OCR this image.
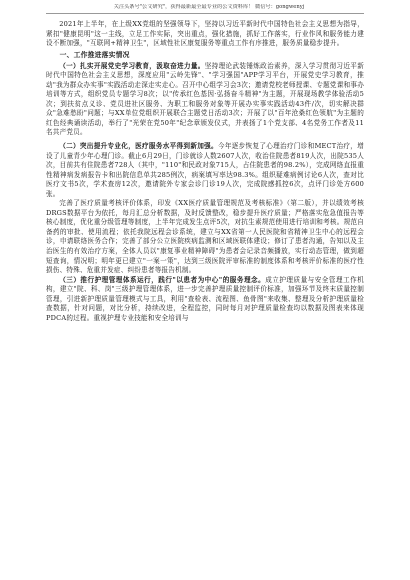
关注头条号"公文研究"，获得最新最全最专业的公文资料库！ 微信号：gongwenyj

2021年上半年，在上级XX党组的坚强领导下，坚持以习近平新时代中国特色社会主义思想为指导，紧扣"健康昆明"这一主线，立足工作实际，突出重点，强化措施，抓好工作落实，行业作风和服务能力建设不断加强，"互联网+精神卫生"，区域性社区康复服务等重点工作有序推进，服务质量稳步提升。

一、工作推进落实情况

（一）扎实开展党史学习教育，汲取奋进力量。坚持理论武装锤炼政治素养，深入学习贯彻习近平新时代中国特色社会主义思想，深度应用"云岭先锋"、"学习强国"APP学习平台，开展党史学习教育，推动"我为群众办实事"实践活动走深走实走心。召开中心组学习会3次；邀请党校老师授课、专题党课和事办培训等方式，组织党员专题学习8次；以"传承红色基因·弘扬奋斗精神"为主题，开展现场教学体验活动5次；到扶贫点义诊、党员进社区服务、为职工和服务对象等开展办实事实践活动43件/次，切实解决群众"急难愁盼"问题；与XX单位党组织开展联合主题党日活动3次；开展了以"百年沧桑红色领航"为主题的红色经典诵读活动，举行了"光荣在党50年"纪念章颁发仪式，并表扬了1个党支部、4名党务工作者及11名共产党员。

（二）突出提升专业化，医疗服务水平得到新加强。今年逐步恢复了心理治疗门诊和MECT治疗，增设了儿童青少年心理门诊。截止6月29日，门诊就诊人数2607人次，收治住院患者819人次，出院535人次，目前共有住院患者728人（其中，"110"和民政对象715人，占住院患者的98.2%），完成网络直报重性精神病发病报告卡和出院信息单共285例次，病案填写率达98.3%。组织疑难病例讨论6人次，查对比医疗文书5次，学术查房12次，邀请院外专家会诊门诊19人次，完成院感抓控6次，点评门诊处方600张。

完善了医疗质量考核评价体系，印发《XX医疗质量管理规范及考核标准》（第二版），并以绩效考核DRGS数据平台为依托，每月汇总分析数据，及时反馈整改，稳步提升医疗质量；严格落实危急值报告等核心制度，优化重分级管理等制度，上半年完成发生点评5次，对抗生素规范使用进行培训和考核。规范自备药的审批、使用流程；依托我院远程会诊系统，建立与XX省第一人民医院和省精神卫生中心的远程会诊，申请联络医务合作；完善了部分公立医院疾病监测和区域医联体建设；修订了患者沟通，告知以及主治医生的有效治疗方案，全体人员以"康复事业精神障碍"为患者会记录音频播放，实行动态管理，做到超短查询，情况明；明年更已建立"一案一策"，达到三级医院评审标准的制度体系和考核评价标准的医疗性损伤、特殊、危重并发症、纠纷患者等报告机制。

（三）推行护理管理体系运行，践行"以患者为中心"的服务理念。成立护理质量与安全管理工作机构，建立"院、科、岗"三级护理管理体系，进一步完善护理质量控制评价标准，加强环节及终末质量控制管理，引进新护理质量管理模式与工具，利用"查检表、流程图、鱼骨图"来收集、整理及分析护理质量检查数据，针对问题，对比分析，持续改进，全程监控，同时每月对护理质量检查均以数据及图表来体现PDCA的过程。重视护理专业技能和安全培训与
